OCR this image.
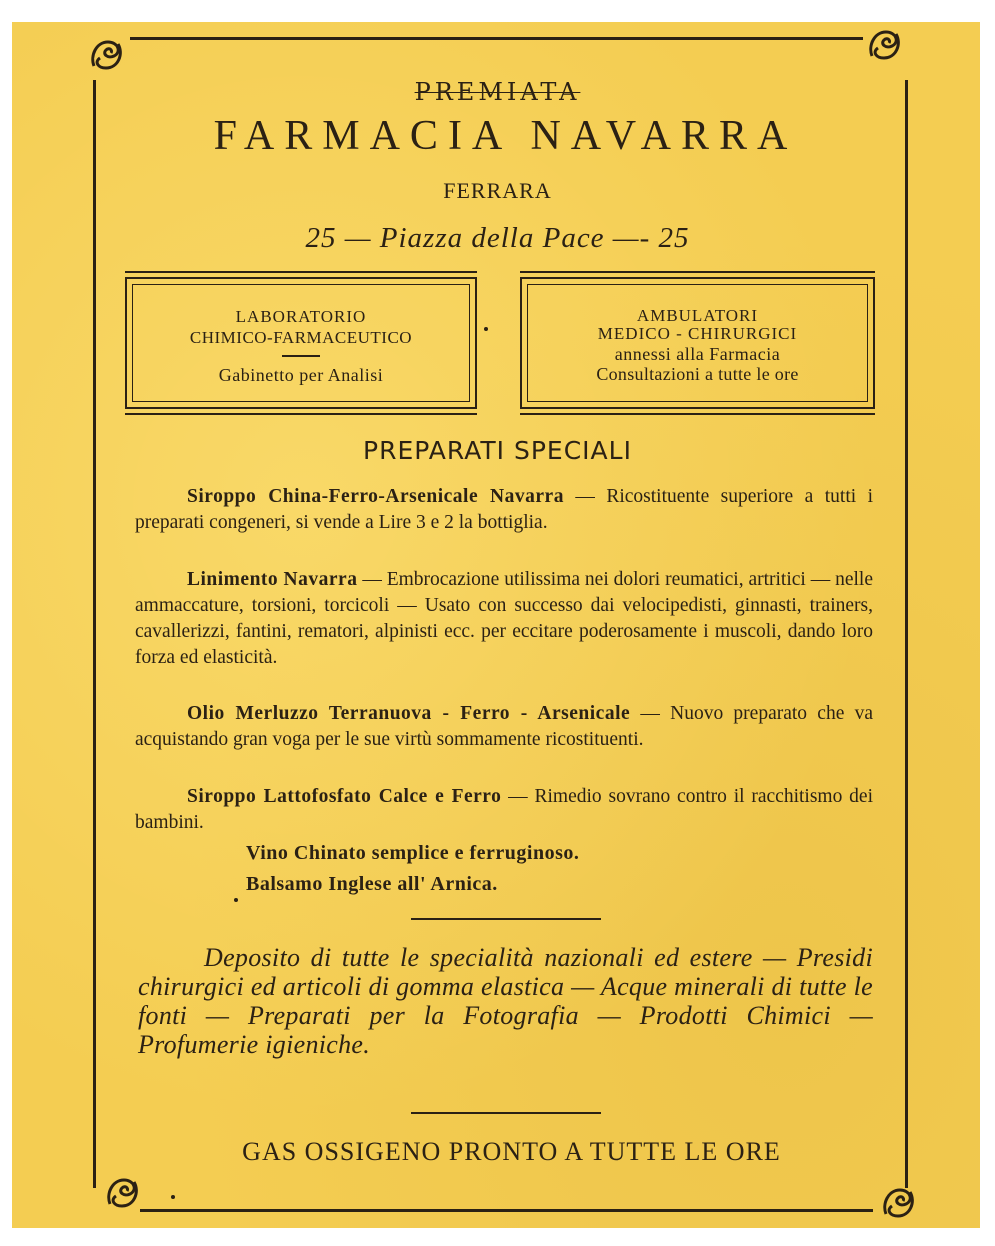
PREMIATA
FARMACIA NAVARRA
FERRARA
25 — Piazza della Pace —- 25
LABORATORIO
CHIMICO-FARMACEUTICO
Gabinetto per Analisi
AMBULATORI
MEDICO - CHIRURGICI
annessi alla Farmacia
Consultazioni a tutte le ore
PREPARATI SPECIALI
Siroppo China-Ferro-Arsenicale Navarra — Ricostituente superiore a tutti i preparati congeneri, si vende a Lire 3 e 2 la bottiglia.
Linimento Navarra — Embrocazione utilissima nei dolori reumatici, artritici — nelle ammaccature, torsioni, torcicoli — Usato con successo dai velocipedisti, ginnasti, trainers, cavallerizzi, fantini, rematori, alpinisti ecc. per eccitare poderosamente i muscoli, dando loro forza ed elasticità.
Olio Merluzzo Terranuova - Ferro - Arsenicale — Nuovo preparato che va acquistando gran voga per le sue virtù sommamente ricostituenti.
Siroppo Lattofosfato Calce e Ferro — Rimedio sovrano contro il racchitismo dei bambini.
Vino Chinato semplice e ferruginoso.
Balsamo Inglese all' Arnica.
Deposito di tutte le specialità nazionali ed estere — Presidi chirurgici ed articoli di gomma elastica — Acque minerali di tutte le fonti — Preparati per la Fotografia — Prodotti Chimici — Profumerie igieniche.
GAS OSSIGENO PRONTO A TUTTE LE ORE
